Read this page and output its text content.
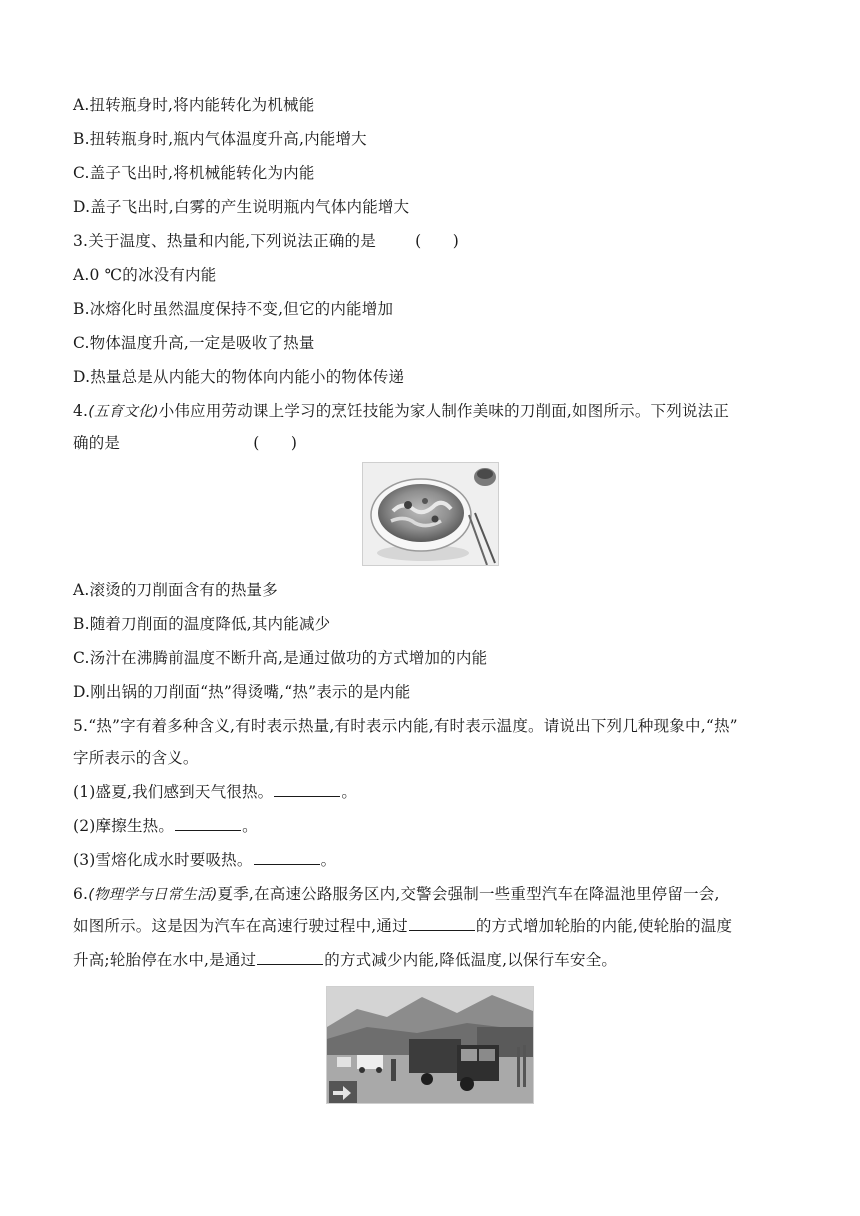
A.扭转瓶身时,将内能转化为机械能
B.扭转瓶身时,瓶内气体温度升高,内能增大
C.盖子飞出时,将机械能转化为内能
D.盖子飞出时,白雾的产生说明瓶内气体内能增大
3.关于温度、热量和内能,下列说法正确的是	(　　)
A.0 ℃的冰没有内能
B.冰熔化时虽然温度保持不变,但它的内能增加
C.物体温度升高,一定是吸收了热量
D.热量总是从内能大的物体向内能小的物体传递
4.(五育文化)小伟应用劳动课上学习的烹饪技能为家人制作美味的刀削面,如图所示。下列说法正
确的是	(　　)
A.滚烫的刀削面含有的热量多
B.随着刀削面的温度降低,其内能减少
C.汤汁在沸腾前温度不断升高,是通过做功的方式增加的内能
D.刚出锅的刀削面“热”得烫嘴,“热”表示的是内能
5.“热”字有着多种含义,有时表示热量,有时表示内能,有时表示温度。请说出下列几种现象中,“热”
字所表示的含义。
(1)盛夏,我们感到天气很热。	。
(2)摩擦生热。	。
(3)雪熔化成水时要吸热。	。
6.(物理学与日常生活)夏季,在高速公路服务区内,交警会强制一些重型汽车在降温池里停留一会,
如图所示。这是因为汽车在高速行驶过程中,通过	的方式增加轮胎的内能,使轮胎的温度
升高;轮胎停在水中,是通过	的方式减少内能,降低温度,以保行车安全。
